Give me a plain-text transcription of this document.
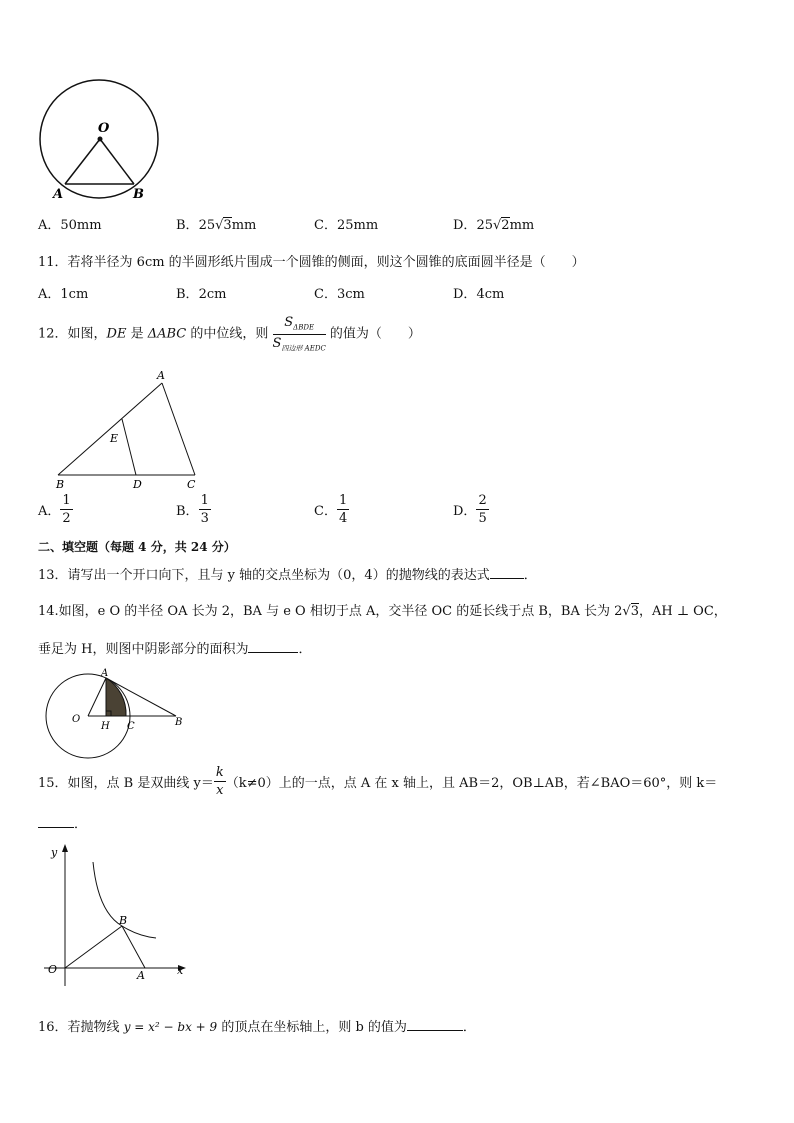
O
A	B
A．50mm	B．25√3mm	C．25mm	D．25√2mm
11．若将半径为 6cm 的半圆形纸片围成一个圆锥的侧面，则这个圆锥的底面圆半径是（　　）
A．1cm	B．2cm	C．3cm	D．4cm
12．如图，DE 是 ΔABC 的中位线，则 $\frac{S_{\Delta BDE}}{S_{四边形 AEDC}}$ 的值为（　　）
A
E
B	D	C
A． $\frac{1}{2}$	B． $\frac{1}{3}$	C． $\frac{1}{4}$	D． $\frac{2}{5}$
二、填空题（每题 4 分，共 24 分）
13．请写出一个开口向下，且与 y 轴的交点坐标为（0，4）的抛物线的表达式	．
14.如图，e O 的半径 OA 长为 2，BA 与 e O 相切于点 A，交半径 OC 的延长线于点 B，BA 长为 2√3，AH ⊥ OC，
垂足为 H，则图中阴影部分的面积为	．
A
O
H C	B
15．如图，点 B 是双曲线 $y= \frac{k}{x} (k\ne 0)$上的一点，点 A 在 x 轴上，且 AB＝2，OB⊥AB，若∠BAO＝60°，则 k＝
．
y
x
O
B
A
16．若抛物线 y = x² − bx + 9 的顶点在坐标轴上，则 b 的值为	．
